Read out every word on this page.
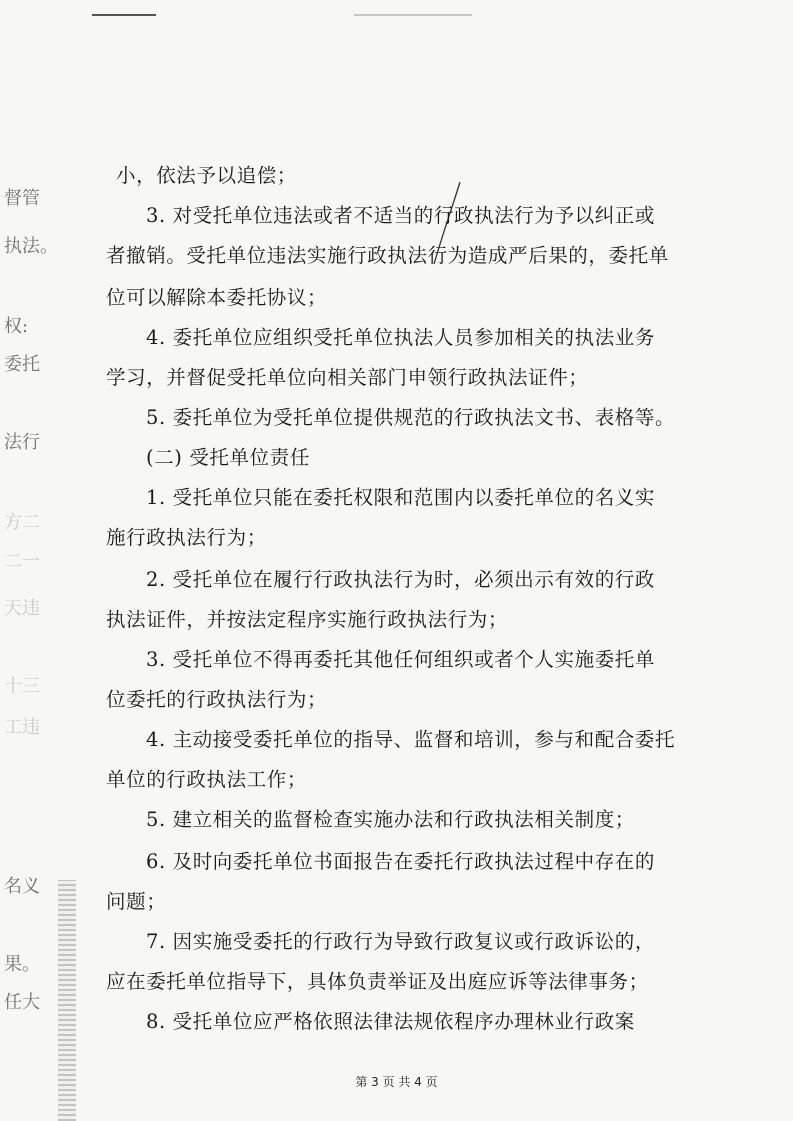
督管
执法。
权:
委托
法行
方二
二一
天违
十三
工违
名义
果。
任大
小，依法予以追偿；
3. 对受托单位违法或者不适当的行政执法行为予以纠正或
者撤销。受托单位违法实施行政执法行为造成严后果的，委托单
位可以解除本委托协议；
4. 委托单位应组织受托单位执法人员参加相关的执法业务
学习，并督促受托单位向相关部门申领行政执法证件；
5. 委托单位为受托单位提供规范的行政执法文书、表格等。
(二) 受托单位责任
1. 受托单位只能在委托权限和范围内以委托单位的名义实
施行政执法行为；
2. 受托单位在履行行政执法行为时，必须出示有效的行政
执法证件，并按法定程序实施行政执法行为；
3. 受托单位不得再委托其他任何组织或者个人实施委托单
位委托的行政执法行为；
4. 主动接受委托单位的指导、监督和培训，参与和配合委托
单位的行政执法工作；
5. 建立相关的监督检查实施办法和行政执法相关制度；
6. 及时向委托单位书面报告在委托行政执法过程中存在的
问题；
7. 因实施受委托的行政行为导致行政复议或行政诉讼的，
应在委托单位指导下，具体负责举证及出庭应诉等法律事务；
8. 受托单位应严格依照法律法规依程序办理林业行政案
第 3 页 共 4 页
